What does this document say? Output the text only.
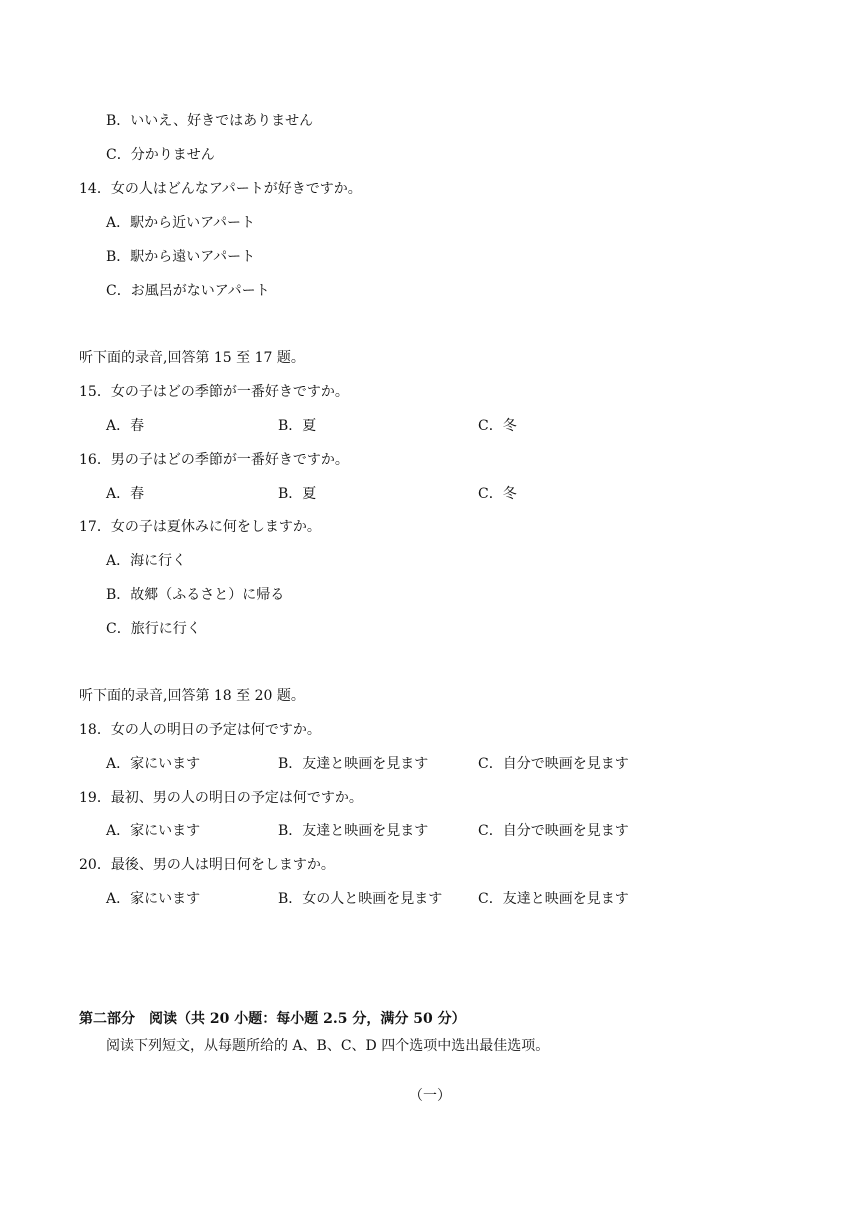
B．いいえ、好きではありません
C．分かりません
14．女の人はどんなアパートが好きですか。
A．駅から近いアパート
B．駅から遠いアパート
C．お風呂がないアパート
听下面的录音,回答第 15 至 17 题。
15．女の子はどの季節が一番好きですか。
A．春	B．夏	C．冬
16．男の子はどの季節が一番好きですか。
A．春	B．夏	C．冬
17．女の子は夏休みに何をしますか。
A．海に行く
B．故郷（ふるさと）に帰る
C．旅行に行く
听下面的录音,回答第 18 至 20 题。
18．女の人の明日の予定は何ですか。
A．家にいます	B．友達と映画を見ます	C．自分で映画を見ます
19．最初、男の人の明日の予定は何ですか。
A．家にいます	B．友達と映画を見ます	C．自分で映画を見ます
20．最後、男の人は明日何をしますか。
A．家にいます	B．女の人と映画を見ます	C．友達と映画を見ます
第二部分　阅读（共 20 小题：每小题 2.5 分，满分 50 分）
阅读下列短文，从每题所给的 A、B、C、D 四个选项中选出最佳选项。
（一）
